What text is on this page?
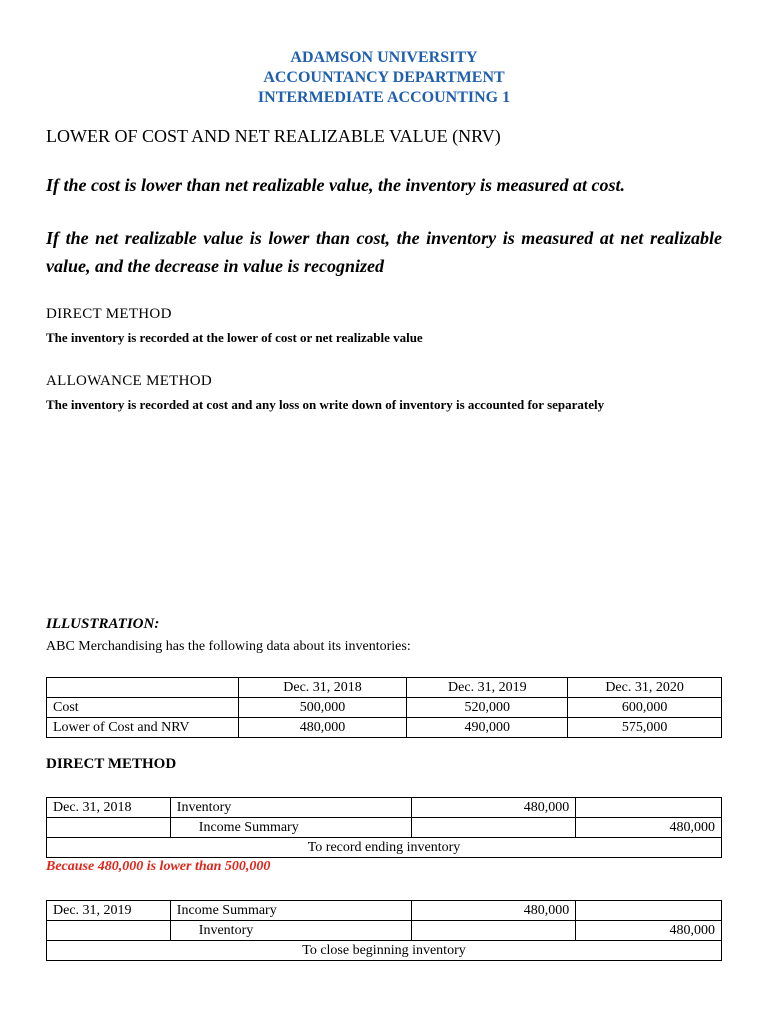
ADAMSON UNIVERSITY
ACCOUNTANCY DEPARTMENT
INTERMEDIATE ACCOUNTING 1
LOWER OF COST AND NET REALIZABLE VALUE (NRV)
If the cost is lower than net realizable value, the inventory is measured at cost.
If the net realizable value is lower than cost, the inventory is measured at net realizable value, and the decrease in value is recognized
DIRECT METHOD
The inventory is recorded at the lower of cost or net realizable value
ALLOWANCE METHOD
The inventory is recorded at cost and any loss on write down of inventory is accounted for separately
ILLUSTRATION:
ABC Merchandising has the following data about its inventories:
	Dec. 31, 2018	Dec. 31, 2019	Dec. 31, 2020
Cost	500,000	520,000	600,000
Lower of Cost and NRV	480,000	490,000	575,000
DIRECT METHOD
Dec. 31, 2018	Inventory	480,000	
	Income Summary		480,000
To record ending inventory			
Because 480,000 is lower than 500,000
Dec. 31, 2019	Income Summary	480,000	
	Inventory		480,000
To close beginning inventory			
